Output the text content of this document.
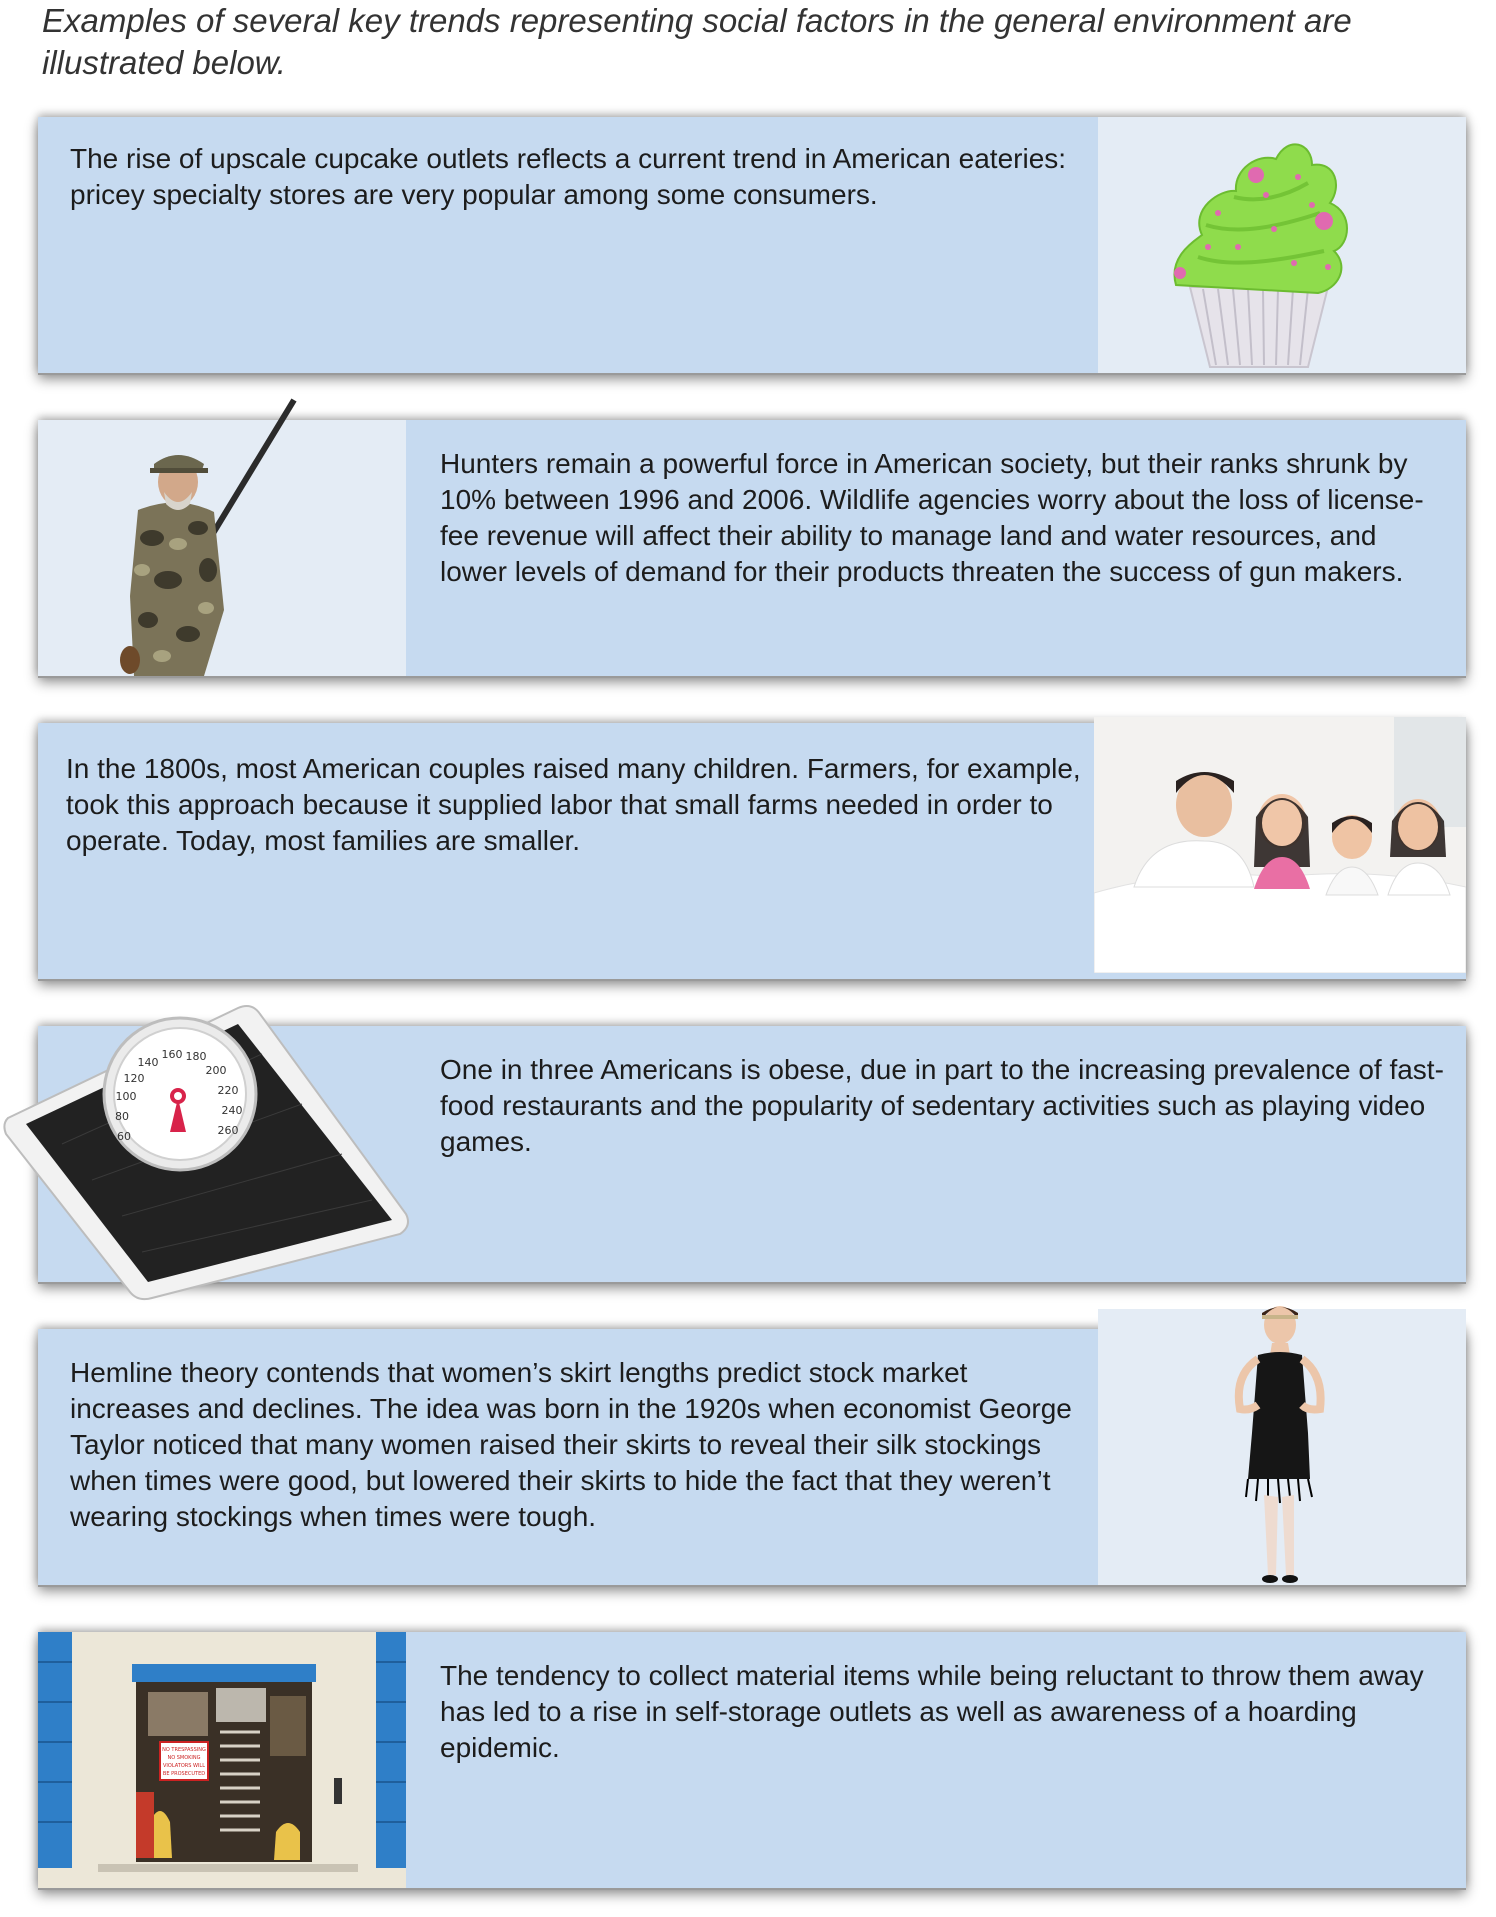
Examples of several key trends representing social factors in the general environment are illustrated below.
The rise of upscale cupcake outlets reflects a current trend in American eateries: pricey specialty stores are very popular among some consumers.
Hunters remain a powerful force in American society, but their ranks shrunk by 10% between 1996 and 2006. Wildlife agencies worry about the loss of license-fee revenue will affect their ability to manage land and water resources, and lower levels of demand for their products threaten the success of gun makers.
In the 1800s, most American couples raised many children. Farmers, for example, took this approach because it supplied labor that small farms needed in order to operate. Today, most families are smaller.
60
80
100
120
140
160 180
200
220
240
260
One in three Americans is obese, due in part to the increasing prevalence of fast-food restaurants and the popularity of sedentary activities such as playing video games.
Hemline theory contends that women’s skirt lengths predict stock market increases and declines. The idea was born in the 1920s when economist George Taylor noticed that many women raised their skirts to reveal their silk stockings when times were good, but lowered their skirts to hide the fact that they weren’t wearing stockings when times were tough.
NO TRESPASSING
NO SMOKING
VIOLATORS WILL
BE PROSECUTED
The tendency to collect material items while being reluctant to throw them away has led to a rise in self-storage outlets as well as awareness of a hoarding epidemic.
